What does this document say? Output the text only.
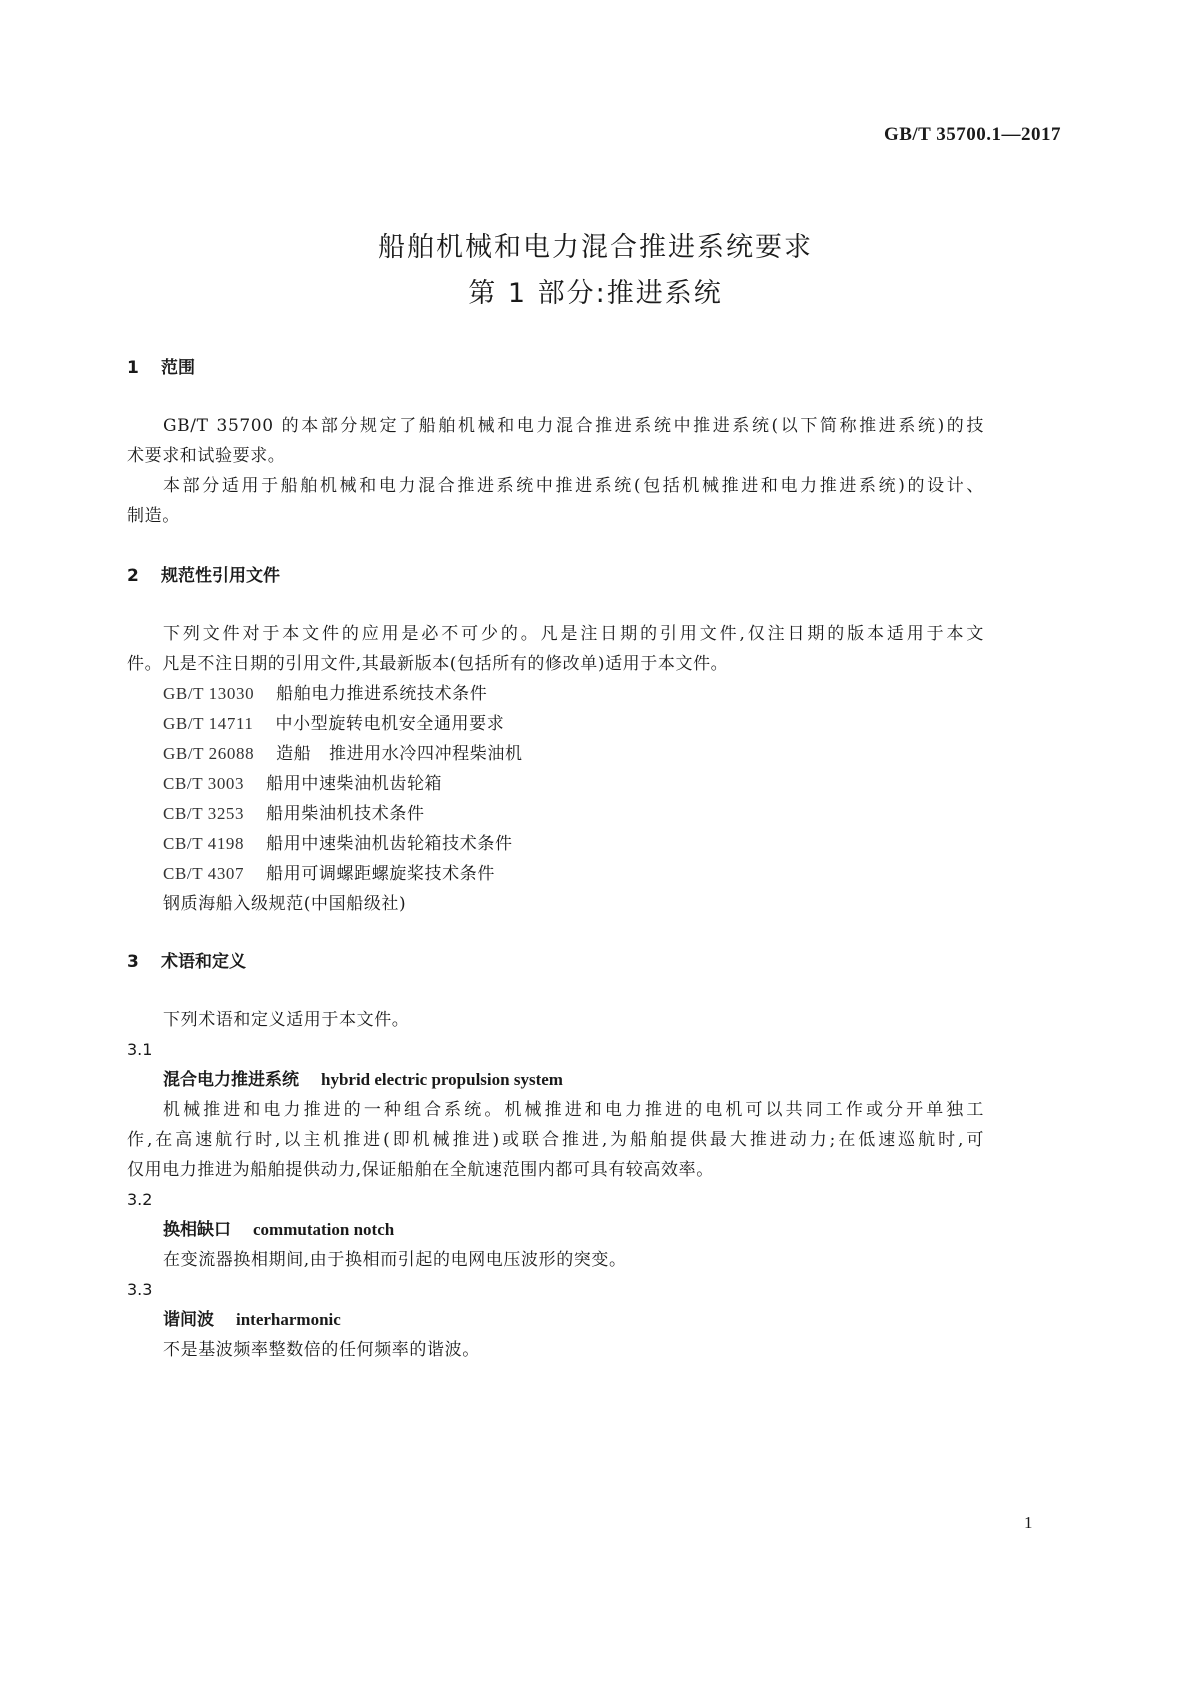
GB/T 35700.1—2017
船舶机械和电力混合推进系统要求
第 1 部分:推进系统
1 范围
GB/T 35700 的本部分规定了船舶机械和电力混合推进系统中推进系统(以下简称推进系统)的技
术要求和试验要求。
本部分适用于船舶机械和电力混合推进系统中推进系统(包括机械推进和电力推进系统)的设计、
制造。
2 规范性引用文件
下列文件对于本文件的应用是必不可少的。凡是注日期的引用文件,仅注日期的版本适用于本文
件。凡是不注日期的引用文件,其最新版本(包括所有的修改单)适用于本文件。
GB/T 13030 船舶电力推进系统技术条件
GB/T 14711 中小型旋转电机安全通用要求
GB/T 26088 造船　推进用水冷四冲程柴油机
CB/T 3003 船用中速柴油机齿轮箱
CB/T 3253 船用柴油机技术条件
CB/T 4198 船用中速柴油机齿轮箱技术条件
CB/T 4307 船用可调螺距螺旋桨技术条件
钢质海船入级规范(中国船级社)
3 术语和定义
下列术语和定义适用于本文件。
3.1
混合电力推进系统 hybrid electric propulsion system
机械推进和电力推进的一种组合系统。机械推进和电力推进的电机可以共同工作或分开单独工
作,在高速航行时,以主机推进(即机械推进)或联合推进,为船舶提供最大推进动力;在低速巡航时,可
仅用电力推进为船舶提供动力,保证船舶在全航速范围内都可具有较高效率。
3.2
换相缺口 commutation notch
在变流器换相期间,由于换相而引起的电网电压波形的突变。
3.3
谐间波 interharmonic
不是基波频率整数倍的任何频率的谐波。
1
